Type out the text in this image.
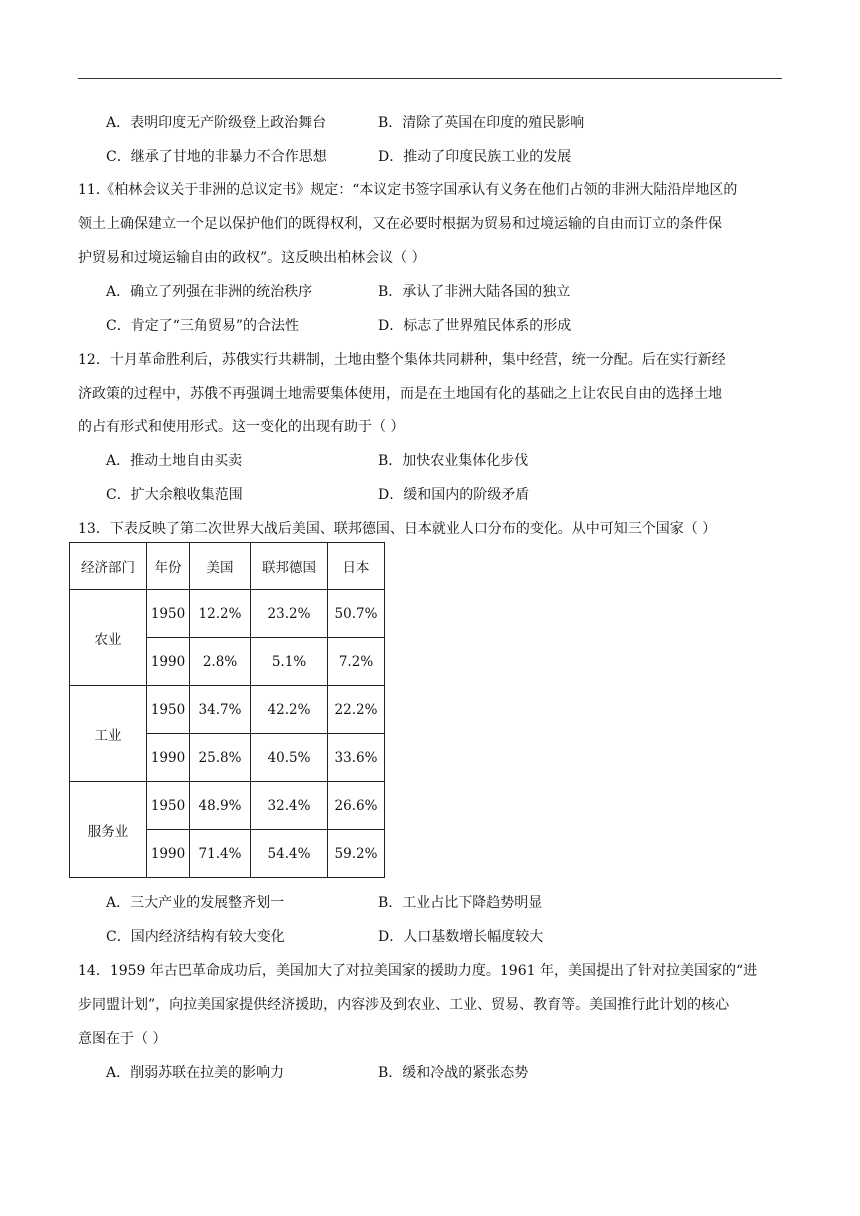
A．表明印度无产阶级登上政治舞台	B．清除了英国在印度的殖民影响
C．继承了甘地的非暴力不合作思想	D．推动了印度民族工业的发展
11.《柏林会议关于非洲的总议定书》规定：“本议定书签字国承认有义务在他们占领的非洲大陆沿岸地区的
领土上确保建立一个足以保护他们的既得权利，又在必要时根据为贸易和过境运输的自由而订立的条件保
护贸易和过境运输自由的政权”。这反映出柏林会议（ ）
A．确立了列强在非洲的统治秩序	B．承认了非洲大陆各国的独立
C．肯定了“三角贸易”的合法性	D．标志了世界殖民体系的形成
12．十月革命胜利后，苏俄实行共耕制，土地由整个集体共同耕种，集中经营，统一分配。后在实行新经
济政策的过程中，苏俄不再强调土地需要集体使用，而是在土地国有化的基础之上让农民自由的选择土地
的占有形式和使用形式。这一变化的出现有助于（ ）
A．推动土地自由买卖	B．加快农业集体化步伐
C．扩大余粮收集范围	D．缓和国内的阶级矛盾
13．下表反映了第二次世界大战后美国、联邦德国、日本就业人口分布的变化。从中可知三个国家（ ）
经济部门	年份	美国	联邦德国	日本
农业	1950	12.2%	23.2%	50.7%
	1990	2.8%	5.1%	7.2%
工业	1950	34.7%	42.2%	22.2%
	1990	25.8%	40.5%	33.6%
服务业	1950	48.9%	32.4%	26.6%
	1990	71.4%	54.4%	59.2%
A．三大产业的发展整齐划一	B．工业占比下降趋势明显
C．国内经济结构有较大变化	D．人口基数增长幅度较大
14．1959 年古巴革命成功后，美国加大了对拉美国家的援助力度。1961 年，美国提出了针对拉美国家的“进
步同盟计划”，向拉美国家提供经济援助，内容涉及到农业、工业、贸易、教育等。美国推行此计划的核心
意图在于（ ）
A．削弱苏联在拉美的影响力	B．缓和冷战的紧张态势
